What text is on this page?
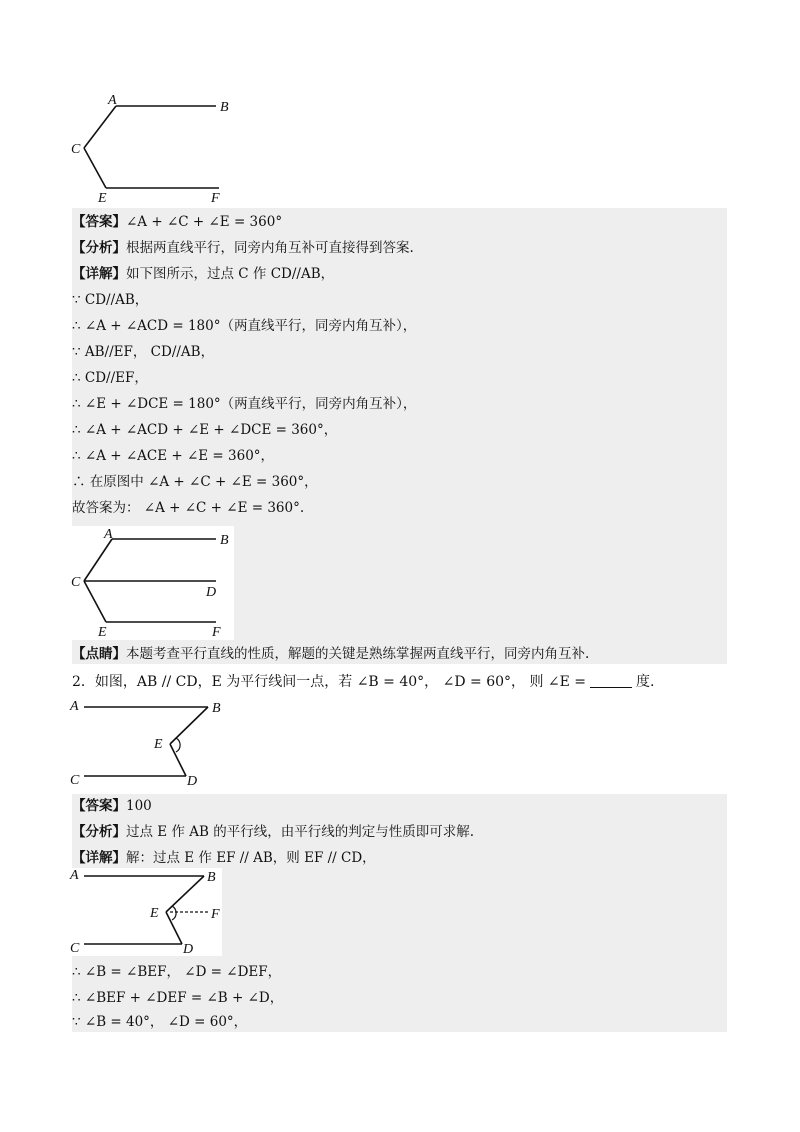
A	B
C
E	F
【答案】∠A + ∠C + ∠E = 360°
【分析】根据两直线平行，同旁内角互补可直接得到答案.
【详解】如下图所示，过点 C 作 CD//AB，
∵ CD//AB，
∴ ∠A + ∠ACD = 180°（两直线平行，同旁内角互补），
∵ AB//EF， CD//AB，
∴ CD//EF，
∴ ∠E + ∠DCE = 180°（两直线平行，同旁内角互补），
∴ ∠A + ∠ACD + ∠E + ∠DCE = 360°，
∴ ∠A + ∠ACE + ∠E = 360°，
∴ 在原图中 ∠A + ∠C + ∠E = 360°，
故答案为： ∠A + ∠C + ∠E = 360°.
A	B
C
D
E	F
【点睛】本题考查平行直线的性质，解题的关键是熟练掌握两直线平行，同旁内角互补.
2．如图，AB // CD，E 为平行线间一点，若 ∠B = 40°， ∠D = 60°， 则 ∠E =	度.
A	B
C	D
E
【答案】100
【分析】过点 E 作 AB 的平行线，由平行线的判定与性质即可求解.
【详解】解：过点 E 作 EF // AB，则 EF // CD，
A	B
C	D
E	F
∴ ∠B = ∠BEF， ∠D = ∠DEF，
∴ ∠BEF + ∠DEF = ∠B + ∠D，
∵ ∠B = 40°， ∠D = 60°，
